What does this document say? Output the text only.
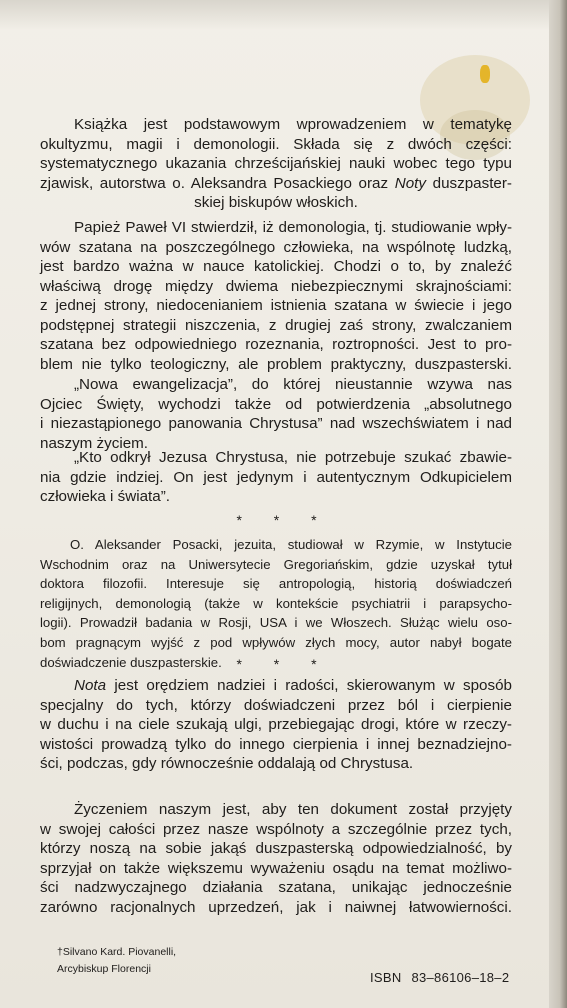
Książka jest podstawowym wprowadzeniem w tematykę
okultyzmu, magii i demonologii. Składa się z dwóch części:
systematycznego ukazania chrześcijańskiej nauki wobec tego typu
zjawisk, autorstwa o. Aleksandra Posackiego oraz Noty duszpaster-
skiej biskupów włoskich.
Papież Paweł VI stwierdził, iż demonologia, tj. studiowanie wpły-
wów szatana na poszczególnego człowieka, na wspólnotę ludzką,
jest bardzo ważna w nauce katolickiej. Chodzi o to, by znaleźć
właściwą drogę między dwiema niebezpiecznymi skrajnościami:
z jednej strony, niedocenianiem istnienia szatana w świecie i jego
podstępnej strategii niszczenia, z drugiej zaś strony, zwalczaniem
szatana bez odpowiedniego rozeznania, roztropności. Jest to pro-
blem nie tylko teologiczny, ale problem praktyczny, duszpasterski.
„Nowa ewangelizacja”, do której nieustannie wzywa nas
Ojciec Święty, wychodzi także od potwierdzenia „absolutnego
i niezastąpionego panowania Chrystusa” nad wszechświatem i nad
naszym życiem.
„Kto odkrył Jezusa Chrystusa, nie potrzebuje szukać zbawie-
nia gdzie indziej. On jest jedynym i autentycznym Odkupicielem
człowieka i świata”.
* * *
O. Aleksander Posacki, jezuita, studiował w Rzymie, w Instytucie
Wschodnim oraz na Uniwersytecie Gregoriańskim, gdzie uzyskał tytuł
doktora filozofii. Interesuje się antropologią, historią doświadczeń
religijnych, demonologią (także w kontekście psychiatrii i parapsycho-
logii). Prowadził badania w Rosji, USA i we Włoszech. Służąc wielu oso-
bom pragnącym wyjść z pod wpływów złych mocy, autor nabył bogate
doświadczenie duszpasterskie.	* * *
Nota jest orędziem nadziei i radości, skierowanym w sposób
specjalny do tych, którzy doświadczeni przez ból i cierpienie
w duchu i na ciele szukają ulgi, przebiegając drogi, które w rzeczy-
wistości prowadzą tylko do innego cierpienia i innej beznadziejno-
ści, podczas, gdy równocześnie oddalają od Chrystusa.
Życzeniem naszym jest, aby ten dokument został przyjęty
w swojej całości przez nasze wspólnoty a szczególnie przez tych,
którzy noszą na sobie jakąś duszpasterską odpowiedzialność, by
sprzyjał on także większemu wyważeniu osądu na temat możliwo-
ści nadzwyczajnego działania szatana, unikając jednocześnie
zarówno racjonalnych uprzedzeń, jak i naiwnej łatwowierności.
†Silvano Kard. Piovanelli,
Arcybiskup Florencji
ISBN 83–86106–18–2
